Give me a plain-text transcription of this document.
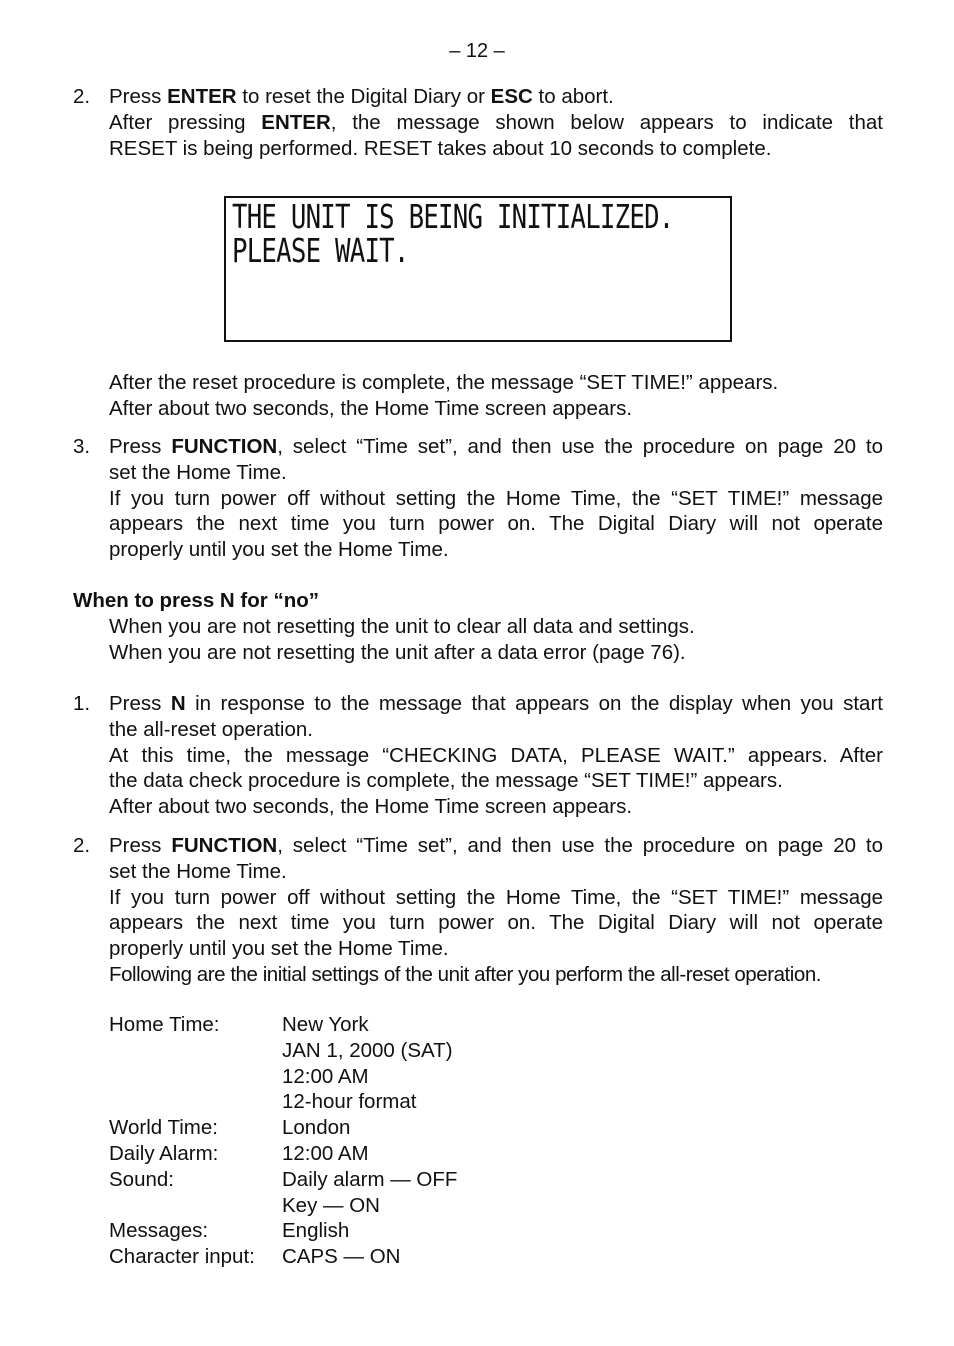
– 12 –
2. Press ENTER to reset the Digital Diary or ESC to abort.
After pressing ENTER, the message shown below appears to indicate that
RESET is being performed. RESET takes about 10 seconds to complete.
THE UNIT IS BEING INITIALIZED.
PLEASE WAIT.
After the reset procedure is complete, the message “SET TIME!” appears.
After about two seconds, the Home Time screen appears.
3. Press FUNCTION, select “Time set”, and then use the procedure on page 20 to
set the Home Time.
If you turn power off without setting the Home Time, the “SET TIME!” message
appears the next time you turn power on. The Digital Diary will not operate
properly until you set the Home Time.
When to press N for “no”
When you are not resetting the unit to clear all data and settings.
When you are not resetting the unit after a data error (page 76).
1. Press N in response to the message that appears on the display when you start
the all-reset operation.
At this time, the message “CHECKING DATA, PLEASE WAIT.” appears. After
the data check procedure is complete, the message “SET TIME!” appears.
After about two seconds, the Home Time screen appears.
2. Press FUNCTION, select “Time set”, and then use the procedure on page 20 to
set the Home Time.
If you turn power off without setting the Home Time, the “SET TIME!” message
appears the next time you turn power on. The Digital Diary will not operate
properly until you set the Home Time.
Following are the initial settings of the unit after you perform the all-reset operation.
Home Time:	New York
JAN 1, 2000 (SAT)
12:00 AM
12-hour format
World Time:	London
Daily Alarm:	12:00 AM
Sound:	Daily alarm — OFF
Key — ON
Messages:	English
Character input:	CAPS — ON
